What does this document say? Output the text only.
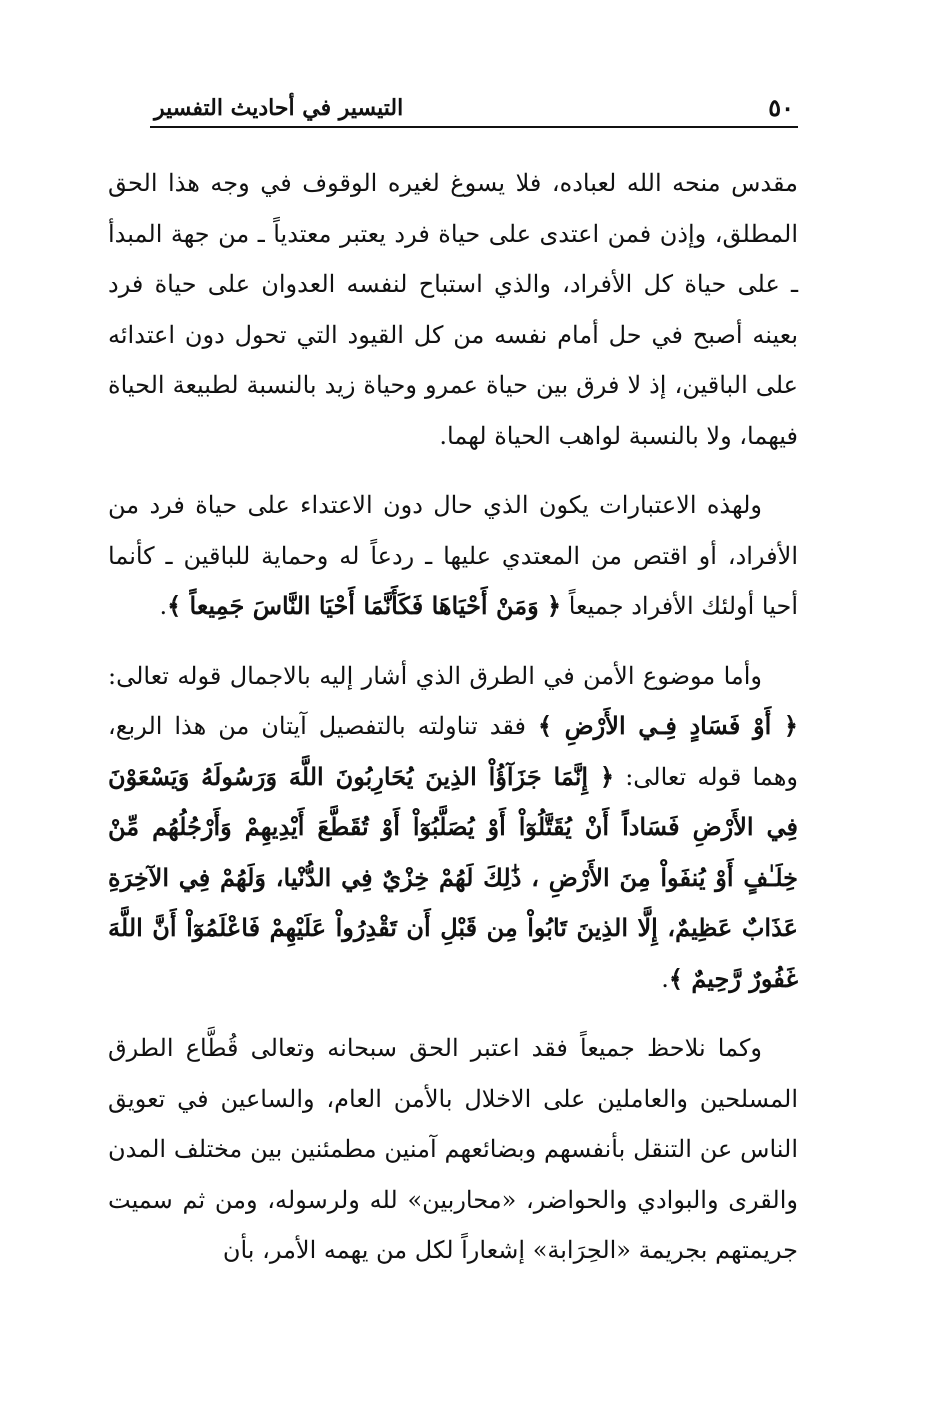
٥٠
التيسير في أحاديث التفسير

مقدس منحه الله لعباده، فلا يسوغ لغيره الوقوف في وجه هذا الحق المطلق، وإذن فمن اعتدى على حياة فرد يعتبر معتدياً ـ من جهة المبدأ ـ على حياة كل الأفراد، والذي استباح لنفسه العدوان على حياة فرد بعينه أصبح في حل أمام نفسه من كل القيود التي تحول دون اعتدائه على الباقين، إذ لا فرق بين حياة عمرو وحياة زيد بالنسبة لطبيعة الحياة فيهما، ولا بالنسبة لواهب الحياة لهما.

ولهذه الاعتبارات يكون الذي حال دون الاعتداء على حياة فرد من الأفراد، أو اقتص من المعتدي عليها ـ ردعاً له وحماية للباقين ـ كأنما أحيا أولئك الأفراد جميعاً ﴿ وَمَنْ أَحْيَاهَا فَكَأَنَّمَا أَحْيَا النَّاسَ جَمِيعاً ﴾.

وأما موضوع الأمن في الطرق الذي أشار إليه بالاجمال قوله تعالى: ﴿ أَوْ فَسَادٍ فِـي الأَرْضِ ﴾ فقد تناولته بالتفصيل آيتان من هذا الربع، وهما قوله تعالى: ﴿ إِنَّمَا جَزَآؤُاْ الذِينَ يُحَارِبُونَ اللَّهَ وَرَسُولَهُ وَيَسْعَوْنَ فِي الأَرْضِ فَسَاداً أَنْ يُقَتَّلُوٓاْ أَوْ يُصَلَّبُوٓاْ أَوْ تُقَطَّعَ أَيْدِيهِمْ وَأَرْجُلُهُم مِّنْ خِلَـٰفٍ أَوْ يُنفَواْ مِنَ الأَرْضِ ، ذَٰلِكَ لَهُمْ خِزْيٌ فِي الدُّنْيا، وَلَهُمْ فِي الآخِرَةِ عَذَابٌ عَظِيمٌ، إِلَّا الذِينَ تَابُواْ مِن قَبْلِ أَن تَقْدِرُواْ عَلَيْهِمْ فَاعْلَمُوٓاْ أَنَّ اللَّهَ غَفُورٌ رَّحِيمٌ ﴾.

وكما نلاحظ جميعاً فقد اعتبر الحق سبحانه وتعالى قُطَّاع الطرق المسلحين والعاملين على الاخلال بالأمن العام، والساعين في تعويق الناس عن التنقل بأنفسهم وبضائعهم آمنين مطمئنين بين مختلف المدن والقرى والبوادي والحواضر، «محاربين» لله ولرسوله، ومن ثم سميت جريمتهم بجريمة «الحِرَابة» إشعاراً لكل من يهمه الأمر، بأن
